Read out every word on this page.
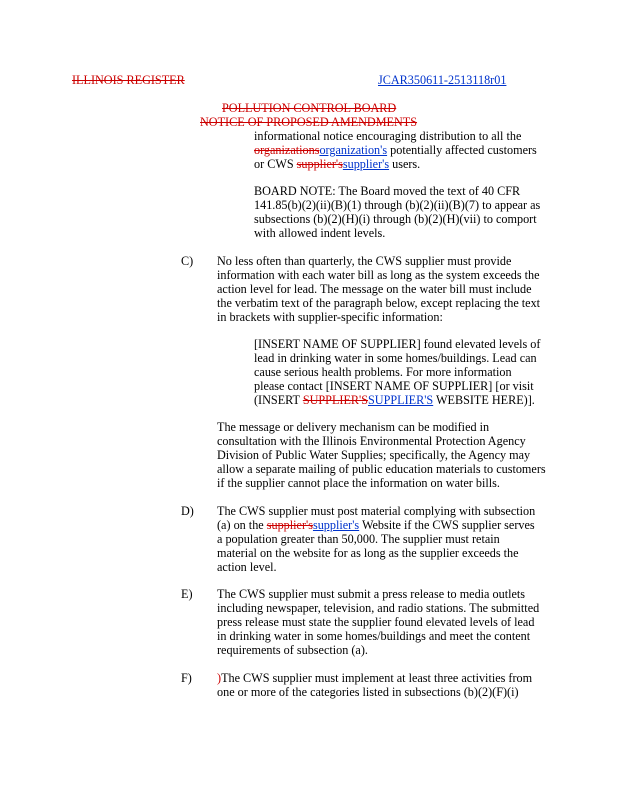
ILLINOIS REGISTER	JCAR350611-2513118r01
POLLUTION CONTROL BOARD
NOTICE OF PROPOSED AMENDMENTS
informational notice encouraging distribution to all the
organizationsorganization's potentially affected customers
or CWS supplier'ssupplier's users.
BOARD NOTE: The Board moved the text of 40 CFR
141.85(b)(2)(ii)(B)(1) through (b)(2)(ii)(B)(7) to appear as
subsections (b)(2)(H)(i) through (b)(2)(H)(vii) to comport
with allowed indent levels.
C) No less often than quarterly, the CWS supplier must provide
information with each water bill as long as the system exceeds the
action level for lead. The message on the water bill must include
the verbatim text of the paragraph below, except replacing the text
in brackets with supplier-specific information:
[INSERT NAME OF SUPPLIER] found elevated levels of
lead in drinking water in some homes/buildings. Lead can
cause serious health problems. For more information
please contact [INSERT NAME OF SUPPLIER] [or visit
(INSERT SUPPLIER'SSUPPLIER'S WEBSITE HERE)].
The message or delivery mechanism can be modified in
consultation with the Illinois Environmental Protection Agency
Division of Public Water Supplies; specifically, the Agency may
allow a separate mailing of public education materials to customers
if the supplier cannot place the information on water bills.
D) The CWS supplier must post material complying with subsection
(a) on the supplier'ssupplier's Website if the CWS supplier serves
a population greater than 50,000. The supplier must retain
material on the website for as long as the supplier exceeds the
action level.
E) The CWS supplier must submit a press release to media outlets
including newspaper, television, and radio stations. The submitted
press release must state the supplier found elevated levels of lead
in drinking water in some homes/buildings and meet the content
requirements of subsection (a).
F) )The CWS supplier must implement at least three activities from
one or more of the categories listed in subsections (b)(2)(F)(i)
